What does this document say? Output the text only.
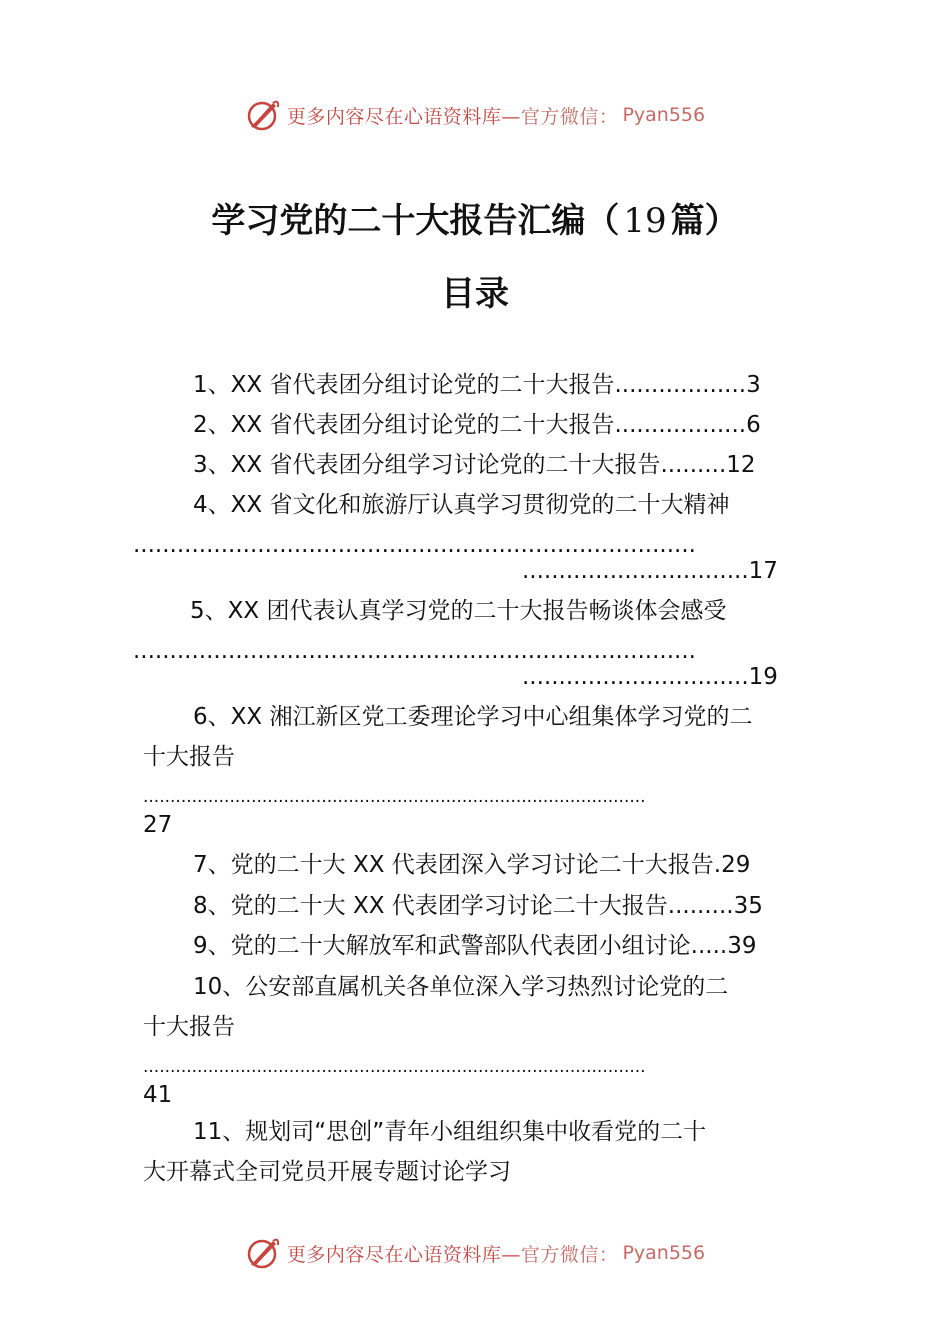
更多内容尽在心语资料库— 官方微信： Pyan556
学习党的二十大报告汇编（ 19 篇）
目录
1、XX 省代表团分组讨论党的二十大报告..................3
2、XX 省代表团分组讨论党的二十大报告..................6
3、XX 省代表团分组学习讨论党的二十大报告.........12
4、XX 省文化和旅游厅认真学习贯彻党的二十大精神
.............................................................................
...............................17
5、XX 团代表认真学习党的二十大报告畅谈体会感受
.............................................................................
...............................19
6、XX 湘江新区党工委理论学习中心组集体学习党的二
十大报告
.............................................................................................
27
7、党的二十大 XX 代表团深入学习讨论二十大报告.29
8、党的二十大 XX 代表团学习讨论二十大报告.........35
9、党的二十大解放军和武警部队代表团小组讨论.....39
10、公安部直属机关各单位深入学习热烈讨论党的二
十大报告
.............................................................................................
41
11、规划司“思创”青年小组组织集中收看党的二十
大开幕式全司党员开展专题讨论学习
更多内容尽在心语资料库— 官方微信： Pyan556
